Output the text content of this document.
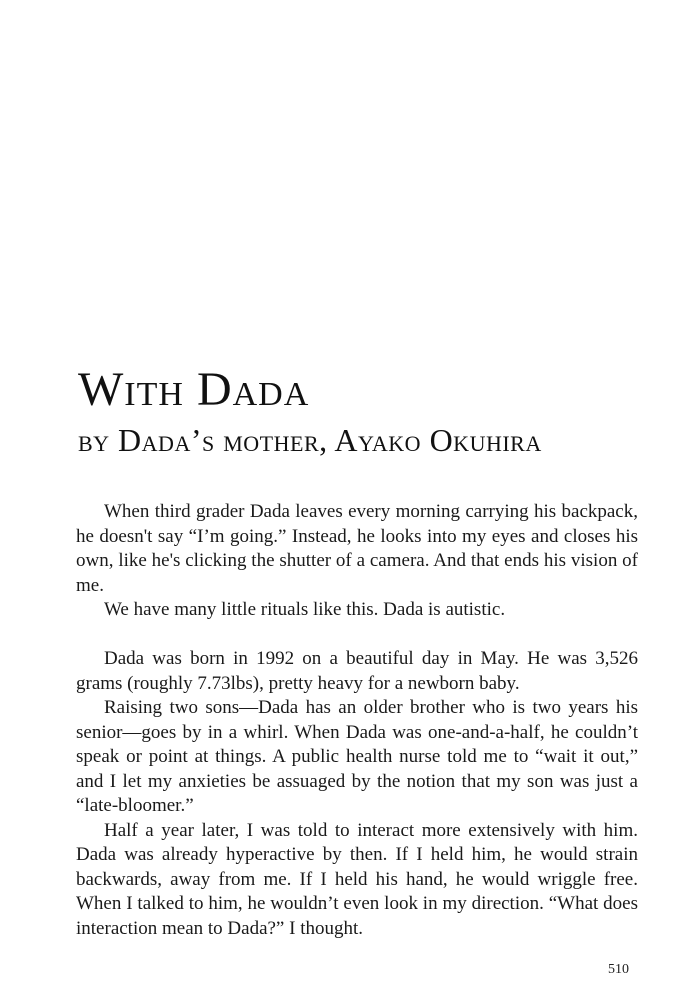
With Dada
by Dada’s mother, Ayako Okuhira

When third grader Dada leaves every morning carrying his backpack, he doesn't say “I’m going.” Instead, he looks into my eyes and closes his own, like he's clicking the shutter of a camera. And that ends his vision of me.

We have many little rituals like this. Dada is autistic.

Dada was born in 1992 on a beautiful day in May. He was 3,526 grams (roughly 7.73lbs), pretty heavy for a newborn baby.

Raising two sons—Dada has an older brother who is two years his senior—goes by in a whirl. When Dada was one-and-a-half, he couldn’t speak or point at things. A public health nurse told me to “wait it out,” and I let my anxieties be assuaged by the notion that my son was just a “late-bloomer.”

Half a year later, I was told to interact more extensively with him. Dada was already hyperactive by then. If I held him, he would strain backwards, away from me. If I held his hand, he would wriggle free. When I talked to him, he wouldn’t even look in my direction. “What does interaction mean to Dada?” I thought.

510
